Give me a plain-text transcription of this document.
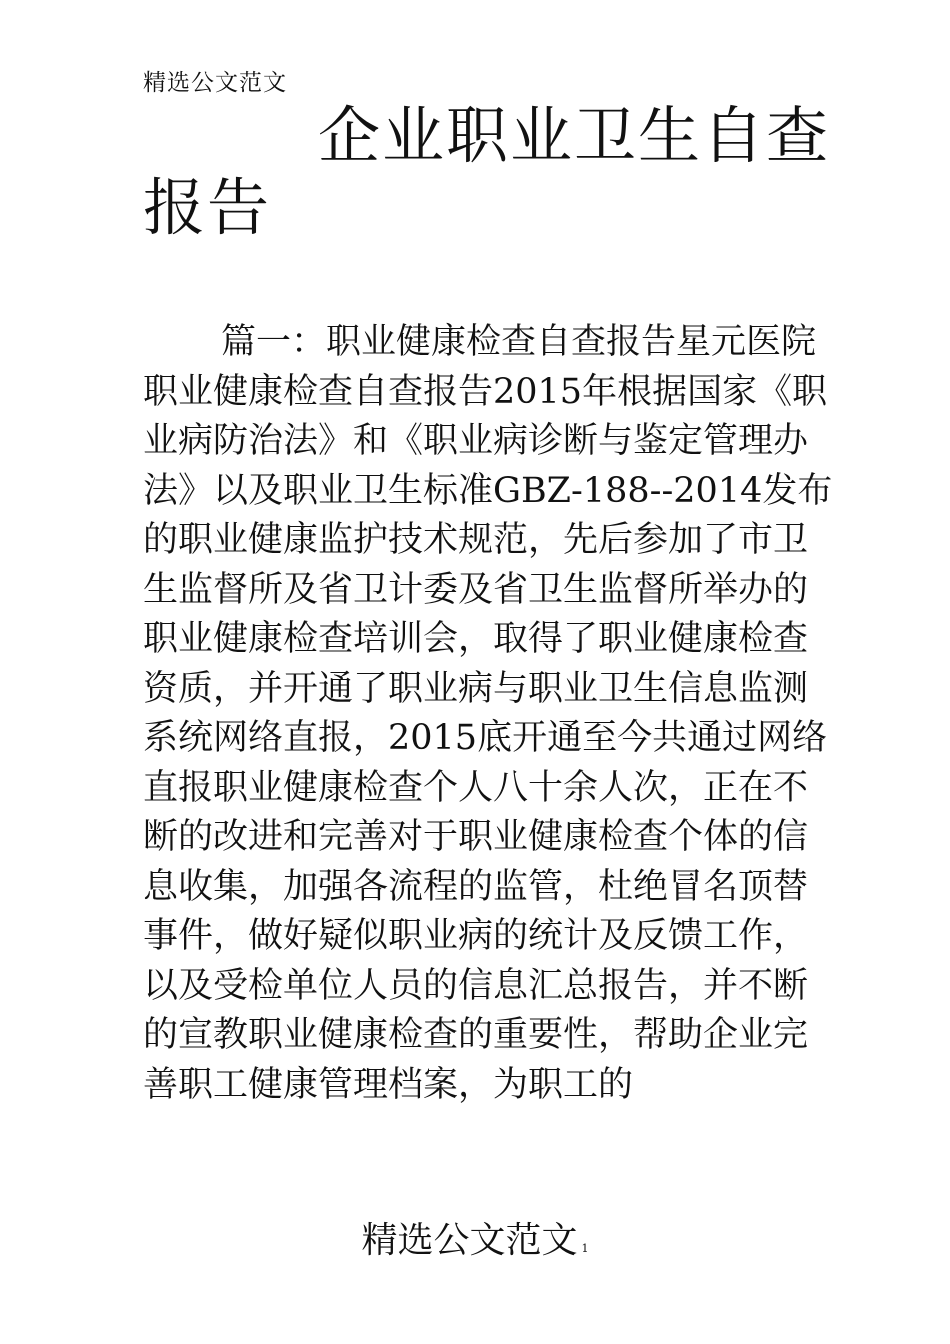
精选公文范文
企业职业卫生自查报告
篇一：职业健康检查自查报告星元医院职业健康检查自查报告2015年根据国家《职业病防治法》和《职业病诊断与鉴定管理办法》以及职业卫生标准GBZ-188--2014发布的职业健康监护技术规范，先后参加了市卫生监督所及省卫计委及省卫生监督所举办的职业健康检查培训会，取得了职业健康检查资质，并开通了职业病与职业卫生信息监测系统网络直报，2015底开通至今共通过网络直报职业健康检查个人八十余人次，正在不断的改进和完善对于职业健康检查个体的信息收集，加强各流程的监管，杜绝冒名顶替事件，做好疑似职业病的统计及反馈工作，以及受检单位人员的信息汇总报告，并不断的宣教职业健康检查的重要性，帮助企业完善职工健康管理档案，为职工的
精选公文范文 1
